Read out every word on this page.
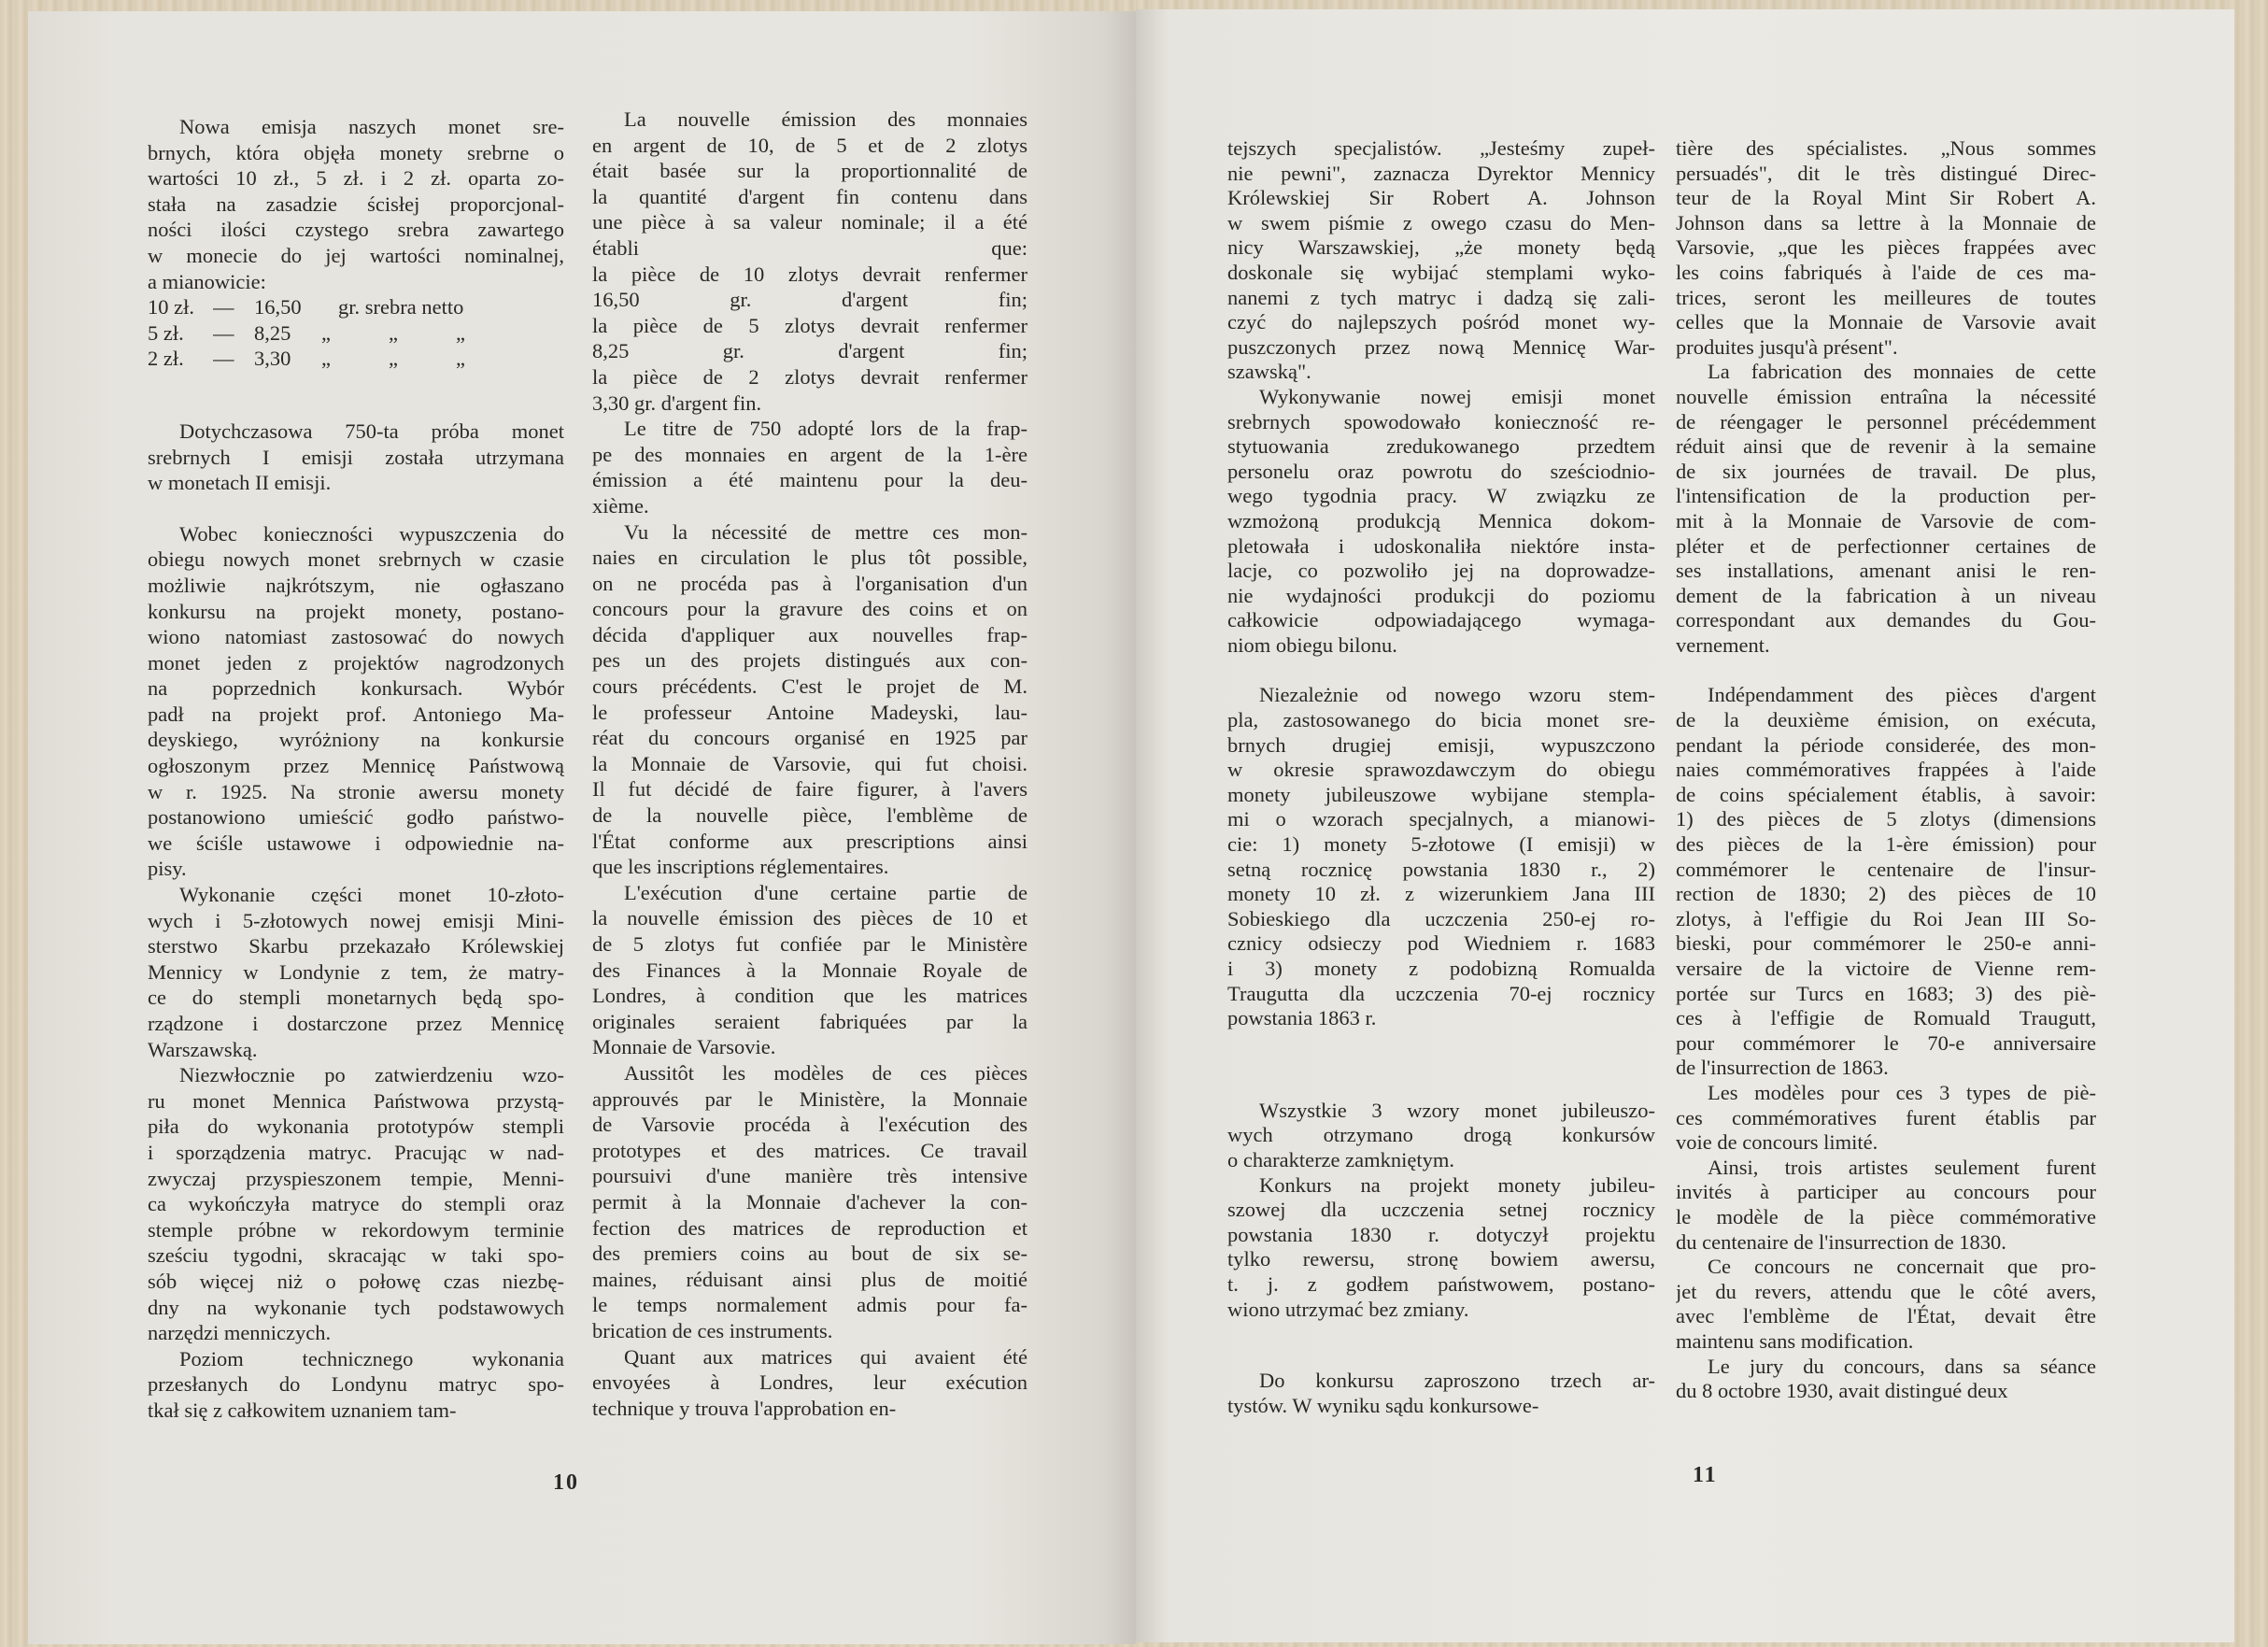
Nowa emisja naszych monet sre-
brnych, która objęła monety srebrne o
wartości 10 zł., 5 zł. i 2 zł. oparta zo-
stała na zasadzie ścisłej proporcjonal-
ności ilości czystego srebra zawartego
w monecie do jej wartości nominalnej,
a mianowicie:
10 zł. — 16,50 gr. srebra netto
5 zł. — 8,25 „	„	„
2 zł. — 3,30 „	„	„
Dotychczasowa 750-ta próba monet
srebrnych I emisji została utrzymana
w monetach II emisji.
Wobec konieczności wypuszczenia do
obiegu nowych monet srebrnych w czasie
możliwie najkrótszym, nie ogłaszano
konkursu na projekt monety, postano-
wiono natomiast zastosować do nowych
monet jeden z projektów nagrodzonych
na poprzednich konkursach. Wybór
padł na projekt prof. Antoniego Ma-
deyskiego, wyróżniony na konkursie
ogłoszonym przez Mennicę Państwową
w r. 1925. Na stronie awersu monety
postanowiono umieścić godło państwo-
we ściśle ustawowe i odpowiednie na-
pisy.
Wykonanie części monet 10-złoto-
wych i 5-złotowych nowej emisji Mini-
sterstwo Skarbu przekazało Królewskiej
Mennicy w Londynie z tem, że matry-
ce do stempli monetarnych będą spo-
rządzone i dostarczone przez Mennicę
Warszawską.
Niezwłocznie po zatwierdzeniu wzo-
ru monet Mennica Państwowa przystą-
piła do wykonania prototypów stempli
i sporządzenia matryc. Pracując w nad-
zwyczaj przyspieszonem tempie, Menni-
ca wykończyła matryce do stempli oraz
stemple próbne w rekordowym terminie
sześciu tygodni, skracając w taki spo-
sób więcej niż o połowę czas niezbę-
dny na wykonanie tych podstawowych
narzędzi menniczych.
Poziom technicznego wykonania
przesłanych do Londynu matryc spo-
tkał się z całkowitem uznaniem tam-
La nouvelle émission des monnaies
en argent de 10, de 5 et de 2 zlotys
était basée sur la proportionnalité de
la quantité d'argent fin contenu dans
une pièce à sa valeur nominale; il a été
établi que:
la pièce de 10 zlotys devrait renfermer
16,50 gr. d'argent fin;
la pièce de 5 zlotys devrait renfermer
8,25 gr. d'argent fin;
la pièce de 2 zlotys devrait renfermer
3,30 gr. d'argent fin.
Le titre de 750 adopté lors de la frap-
pe des monnaies en argent de la 1-ère
émission a été maintenu pour la deu-
xième.
Vu la nécessité de mettre ces mon-
naies en circulation le plus tôt possible,
on ne procéda pas à l'organisation d'un
concours pour la gravure des coins et on
décida d'appliquer aux nouvelles frap-
pes un des projets distingués aux con-
cours précédents. C'est le projet de M.
le professeur Antoine Madeyski, lau-
réat du concours organisé en 1925 par
la Monnaie de Varsovie, qui fut choisi.
Il fut décidé de faire figurer, à l'avers
de la nouvelle pièce, l'emblème de
l'État conforme aux prescriptions ainsi
que les inscriptions réglementaires.
L'exécution d'une certaine partie de
la nouvelle émission des pièces de 10 et
de 5 zlotys fut confiée par le Ministère
des Finances à la Monnaie Royale de
Londres, à condition que les matrices
originales seraient fabriquées par la
Monnaie de Varsovie.
Aussitôt les modèles de ces pièces
approuvés par le Ministère, la Monnaie
de Varsovie procéda à l'exécution des
prototypes et des matrices. Ce travail
poursuivi d'une manière très intensive
permit à la Monnaie d'achever la con-
fection des matrices de reproduction et
des premiers coins au bout de six se-
maines, réduisant ainsi plus de moitié
le temps normalement admis pour fa-
brication de ces instruments.
Quant aux matrices qui avaient été
envoyées à Londres, leur exécution
technique y trouva l'approbation en-
tejszych specjalistów. „Jesteśmy zupeł-
nie pewni", zaznacza Dyrektor Mennicy
Królewskiej Sir Robert A. Johnson
w swem piśmie z owego czasu do Men-
nicy Warszawskiej, „że monety będą
doskonale się wybijać stemplami wyko-
nanemi z tych matryc i dadzą się zali-
czyć do najlepszych pośród monet wy-
puszczonych przez nową Mennicę War-
szawską".
Wykonywanie nowej emisji monet
srebrnych spowodowało konieczność re-
stytuowania zredukowanego przedtem
personelu oraz powrotu do sześciodnio-
wego tygodnia pracy. W związku ze
wzmożoną produkcją Mennica dokom-
pletowała i udoskonaliła niektóre insta-
lacje, co pozwoliło jej na doprowadze-
nie wydajności produkcji do poziomu
całkowicie odpowiadającego wymaga-
niom obiegu bilonu.
Niezależnie od nowego wzoru stem-
pla, zastosowanego do bicia monet sre-
brnych drugiej emisji, wypuszczono
w okresie sprawozdawczym do obiegu
monety jubileuszowe wybijane stempla-
mi o wzorach specjalnych, a mianowi-
cie: 1) monety 5-złotowe (I emisji) w
setną rocznicę powstania 1830 r., 2)
monety 10 zł. z wizerunkiem Jana III
Sobieskiego dla uczczenia 250-ej ro-
cznicy odsieczy pod Wiedniem r. 1683
i 3) monety z podobizną Romualda
Traugutta dla uczczenia 70-ej rocznicy
powstania 1863 r.
Wszystkie 3 wzory monet jubileuszo-
wych otrzymano drogą konkursów
o charakterze zamkniętym.
Konkurs na projekt monety jubileu-
szowej dla uczczenia setnej rocznicy
powstania 1830 r. dotyczył projektu
tylko rewersu, stronę bowiem awersu,
t. j. z godłem państwowem, postano-
wiono utrzymać bez zmiany.
Do konkursu zaproszono trzech ar-
tystów. W wyniku sądu konkursowe-
tière des spécialistes. „Nous sommes
persuadés", dit le très distingué Direc-
teur de la Royal Mint Sir Robert A.
Johnson dans sa lettre à la Monnaie de
Varsovie, „que les pièces frappées avec
les coins fabriqués à l'aide de ces ma-
trices, seront les meilleures de toutes
celles que la Monnaie de Varsovie avait
produites jusqu'à présent".
La fabrication des monnaies de cette
nouvelle émission entraîna la nécessité
de réengager le personnel précédemment
réduit ainsi que de revenir à la semaine
de six journées de travail. De plus,
l'intensification de la production per-
mit à la Monnaie de Varsovie de com-
pléter et de perfectionner certaines de
ses installations, amenant anisi le ren-
dement de la fabrication à un niveau
correspondant aux demandes du Gou-
vernement.
Indépendamment des pièces d'argent
de la deuxième émision, on exécuta,
pendant la période considerée, des mon-
naies commémoratives frappées à l'aide
de coins spécialement établis, à savoir:
1) des pièces de 5 zlotys (dimensions
des pièces de la 1-ère émission) pour
commémorer le centenaire de l'insur-
rection de 1830; 2) des pièces de 10
zlotys, à l'effigie du Roi Jean III So-
bieski, pour commémorer le 250-e anni-
versaire de la victoire de Vienne rem-
portée sur Turcs en 1683; 3) des piè-
ces à l'effigie de Romuald Traugutt,
pour commémorer le 70-e anniversaire
de l'insurrection de 1863.
Les modèles pour ces 3 types de piè-
ces commémoratives furent établis par
voie de concours limité.
Ainsi, trois artistes seulement furent
invités à participer au concours pour
le modèle de la pièce commémorative
du centenaire de l'insurrection de 1830.
Ce concours ne concernait que pro-
jet du revers, attendu que le côté avers,
avec l'emblème de l'État, devait être
maintenu sans modification.
Le jury du concours, dans sa séance
du 8 octobre 1930, avait distingué deux
10	11
